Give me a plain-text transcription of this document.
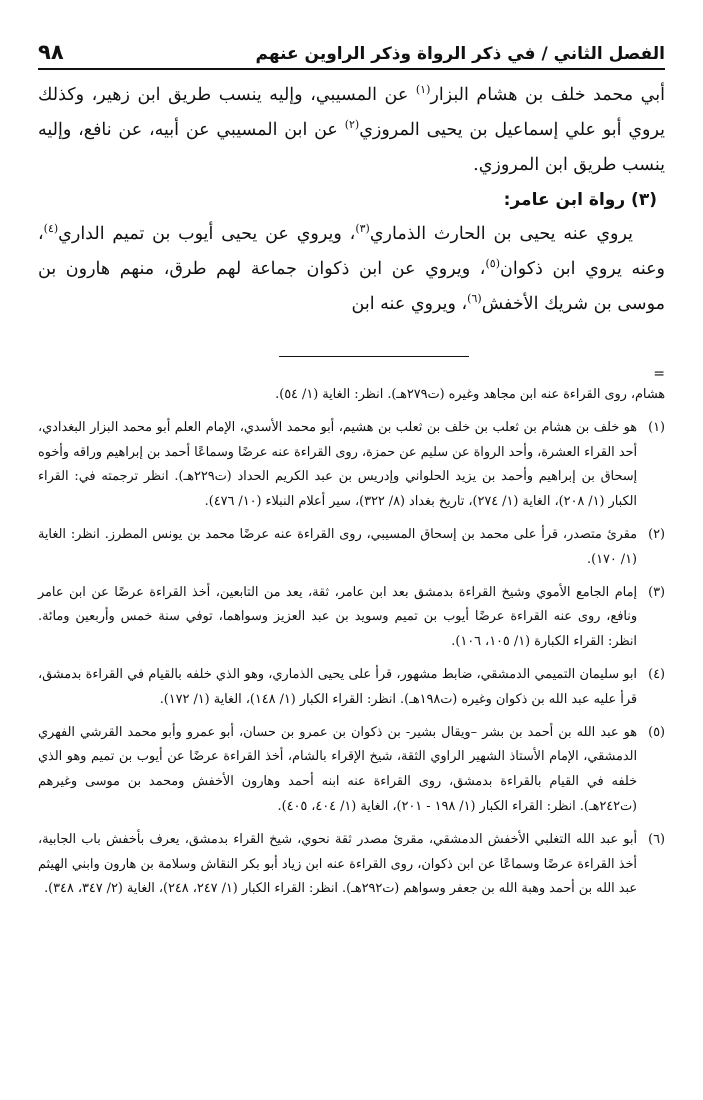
الفصل الثاني / في ذكر الرواة وذكر الراوين عنهم
٩٨

أبي محمد خلف بن هشام البزار$^{(١)}$ عن المسيبي، وإليه ينسب طريق ابن زهير، وكذلك يروي أبو علي إسماعيل بن يحيى المروزي$^{(٢)}$ عن ابن المسيبي عن أبيه، عن نافع، وإليه ينسب طريق ابن المروزي.

(٣) رواة ابن عامر:

يروي عنه يحيى بن الحارث الذماري$^{(٣)}$، ويروي عن يحيى أيوب بن تميم الداري$^{(٤)}$، وعنه يروي ابن ذكوان$^{(٥)}$، ويروي عن ابن ذكوان جماعة لهم طرق، منهم هارون بن موسى بن شريك الأخفش$^{(٦)}$، ويروي عنه ابن

=

هشام، روى القراءة عنه ابن مجاهد وغيره (ت٢٧٩هـ). انظر: الغاية (١/ ٥٤).

(١)
هو خلف بن هشام بن ثعلب بن خلف بن ثعلب بن هشيم، أبو محمد الأسدي، الإمام العلم أبو محمد البزار البغدادي، أحد القراء العشرة، وأحد الرواة عن سليم عن حمزة، روى القراءة عنه عرضًا وسماعًا أحمد بن إبراهيم وراقه وأخوه إسحاق بن إبراهيم وأحمد بن يزيد الحلواني وإدريس بن عبد الكريم الحداد (ت٢٢٩هـ). انظر ترجمته في: القراء الكبار (١/ ٢٠٨)، الغاية (١/ ٢٧٤)، تاريخ بغداد (٨/ ٣٢٢)، سير أعلام النبلاء (١٠/ ٤٧٦).
(٢)
مقرئ متصدر، قرأ على محمد بن إسحاق المسيبي، روى القراءة عنه عرضًا محمد بن يونس المطرز. انظر: الغاية (١/ ١٧٠).
(٣)
إمام الجامع الأموي وشيخ القراءة بدمشق بعد ابن عامر، ثقة، يعد من التابعين، أخذ القراءة عرضًا عن ابن عامر ونافع، روى عنه القراءة عرضًا أيوب بن تميم وسويد بن عبد العزيز وسواهما، توفي سنة خمس وأربعين ومائة. انظر: القراء الكبارة (١/ ١٠٥، ١٠٦).
(٤)
ابو سليمان التميمي الدمشقي، ضابط مشهور، قرأ على يحيى الذماري، وهو الذي خلفه بالقيام في القراءة بدمشق، قرأ عليه عبد الله بن ذكوان وغيره (ت١٩٨هـ). انظر: القراء الكبار (١/ ١٤٨)، الغاية (١/ ١٧٢).
(٥)
هو عبد الله بن أحمد بن بشر –ويقال بشير- بن ذكوان بن عمرو بن حسان، أبو عمرو وأبو محمد القرشي الفهري الدمشقي، الإمام الأستاذ الشهير الراوي الثقة، شيخ الإقراء بالشام، أخذ القراءة عرضًا عن أيوب بن تميم وهو الذي خلفه في القيام بالقراءة بدمشق، روى القراءة عنه ابنه أحمد وهارون الأخفش ومحمد بن موسى وغيرهم (ت٢٤٢هـ). انظر: القراء الكبار (١/ ١٩٨ - ٢٠١)، الغاية (١/ ٤٠٤، ٤٠٥).
(٦)
أبو عبد الله التغلبي الأخفش الدمشقي، مقرئ مصدر ثقة نحوي، شيخ القراء بدمشق، يعرف بأخفش باب الجابية، أخذ القراءة عرضًا وسماعًا عن ابن ذكوان، روى القراءة عنه ابن زياد أبو بكر النقاش وسلامة بن هارون وابني الهيثم عبد الله بن أحمد وهبة الله بن جعفر وسواهم (ت٢٩٢هـ). انظر: القراء الكبار (١/ ٢٤٧، ٢٤٨)، الغاية (٢/ ٣٤٧، ٣٤٨).
